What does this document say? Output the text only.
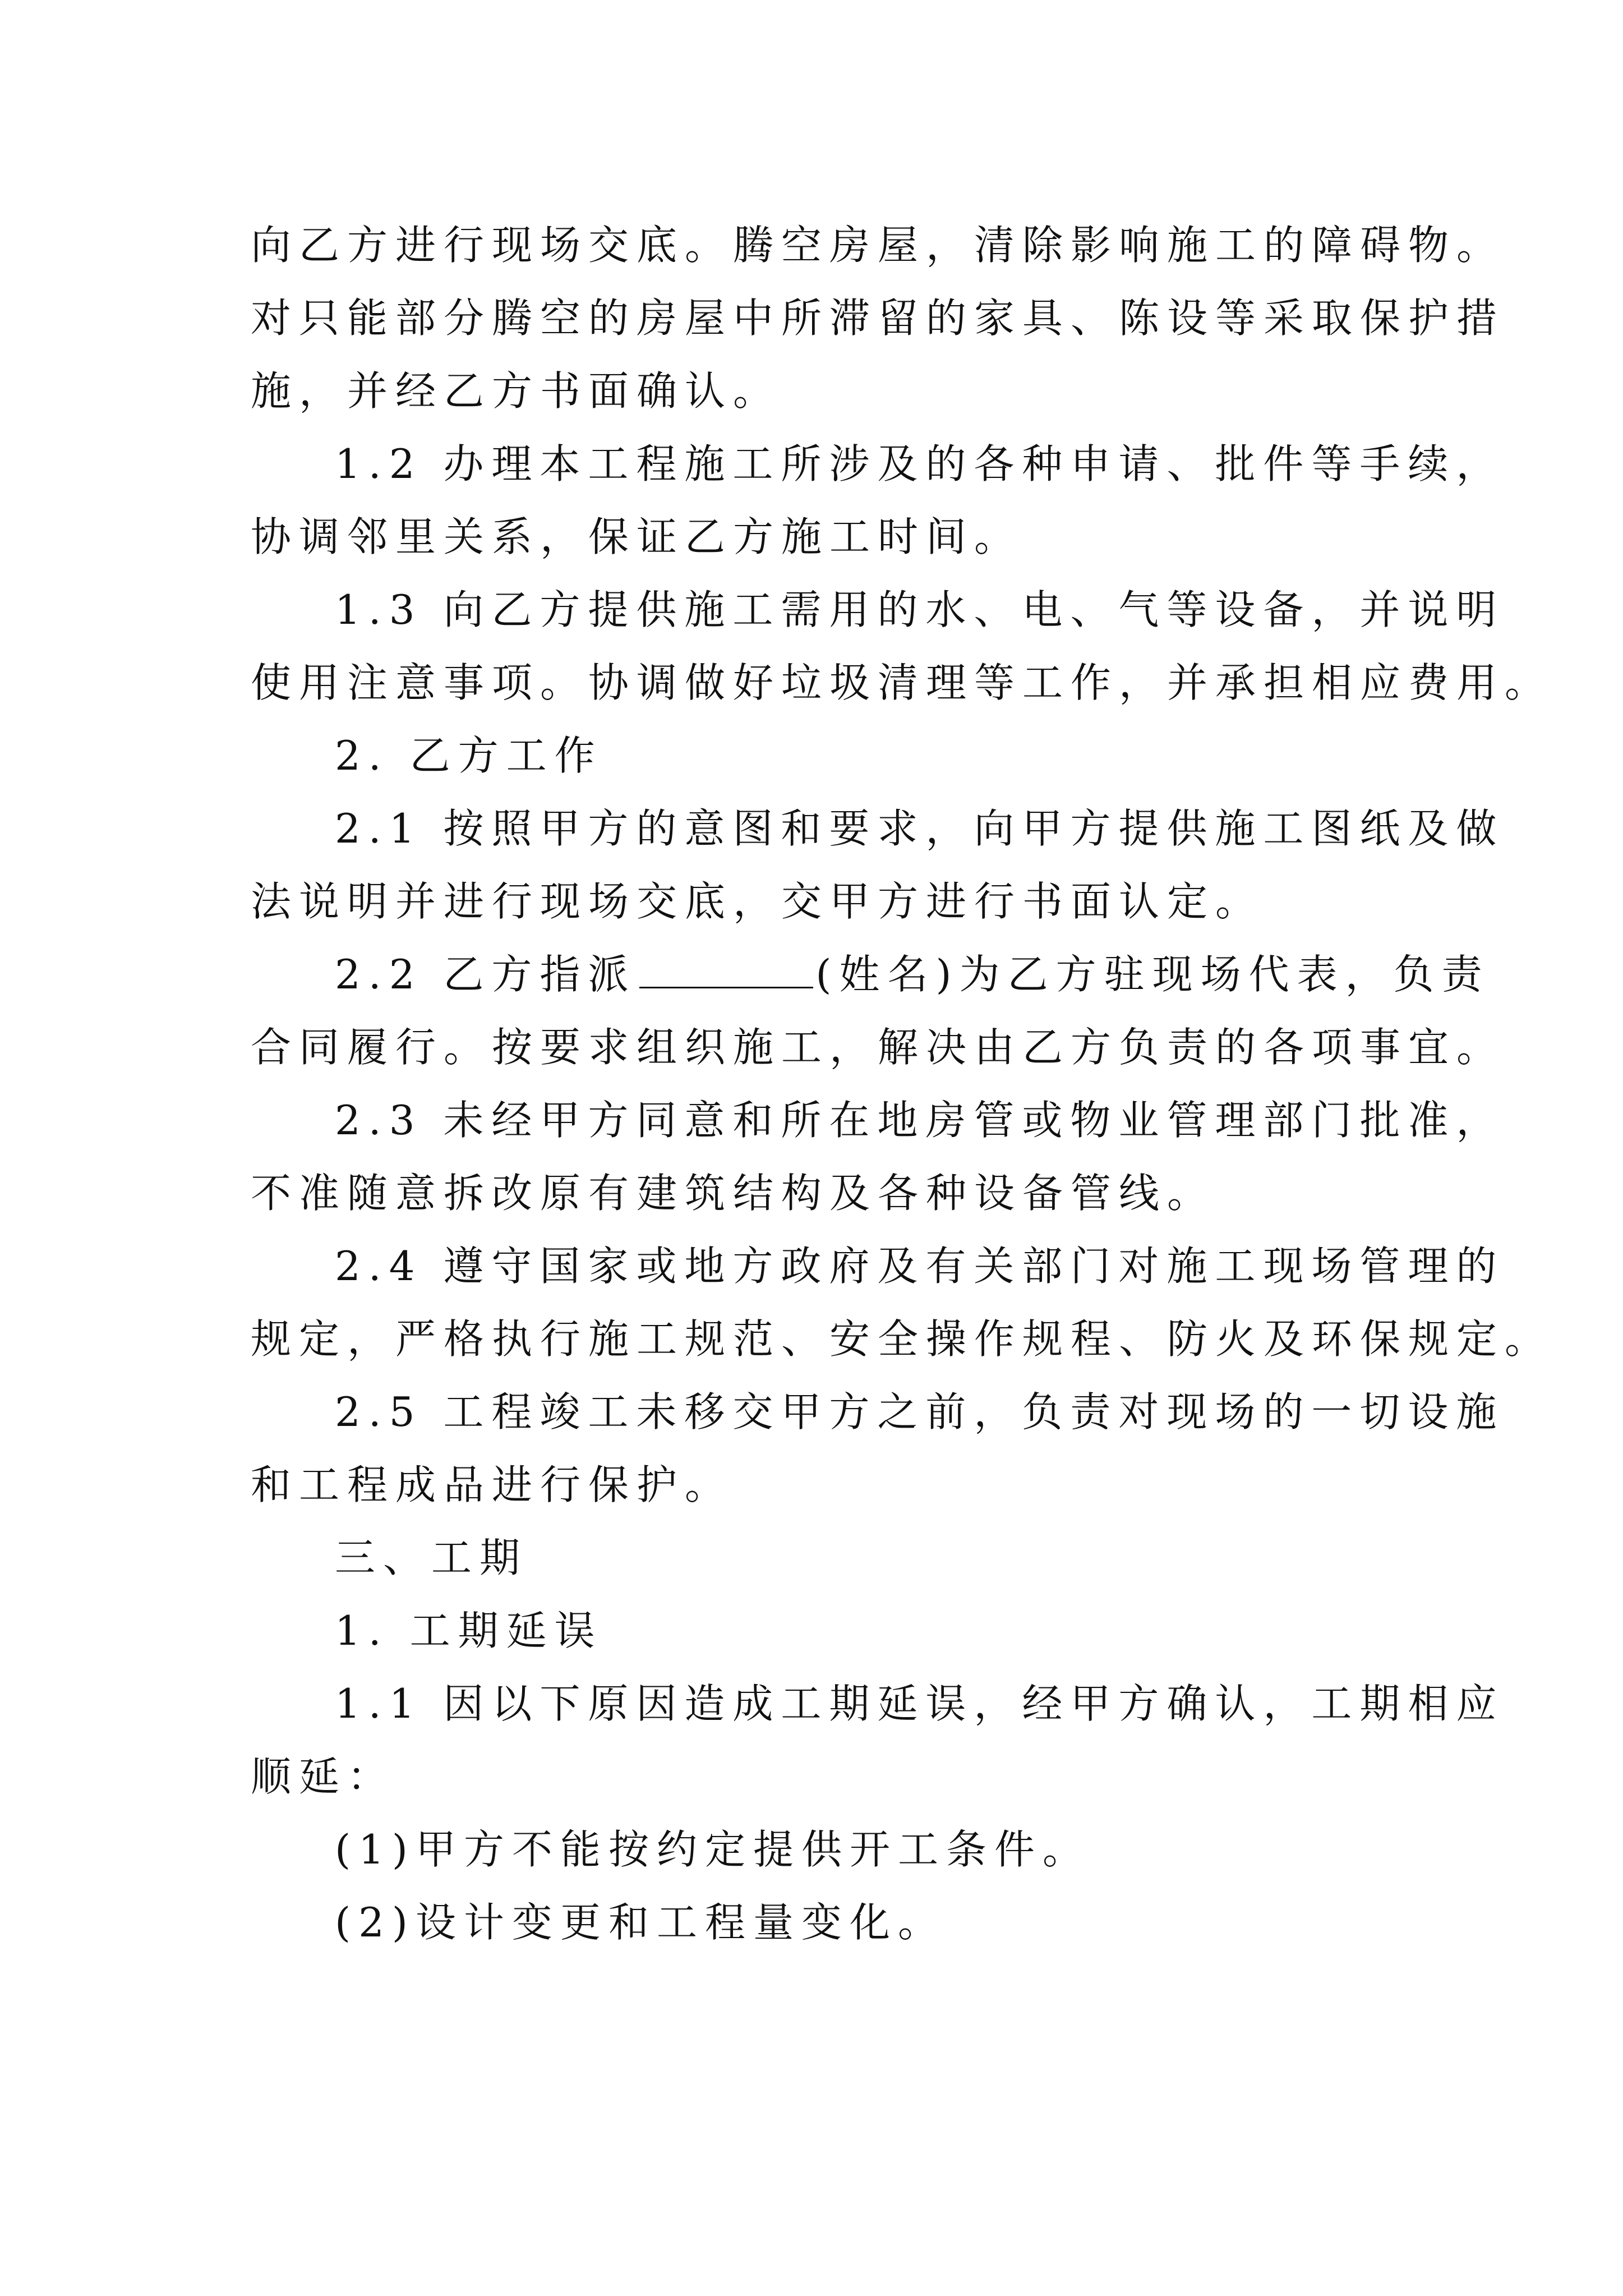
向乙方进行现场交底。腾空房屋，清除影响施工的障碍物。
对只能部分腾空的房屋中所滞留的家具、陈设等采取保护措
施，并经乙方书面确认。
1.2 办理本工程施工所涉及的各种申请、批件等手续，
协调邻里关系，保证乙方施工时间。
1.3 向乙方提供施工需用的水、电、气等设备，并说明
使用注意事项。协调做好垃圾清理等工作，并承担相应费用。
2. 乙方工作
2.1 按照甲方的意图和要求，向甲方提供施工图纸及做
法说明并进行现场交底，交甲方进行书面认定。
2.2 乙方指派	(姓名)为乙方驻现场代表，负责
合同履行。按要求组织施工，解决由乙方负责的各项事宜。
2.3 未经甲方同意和所在地房管或物业管理部门批准，
不准随意拆改原有建筑结构及各种设备管线。
2.4 遵守国家或地方政府及有关部门对施工现场管理的
规定，严格执行施工规范、安全操作规程、防火及环保规定。
2.5 工程竣工未移交甲方之前，负责对现场的一切设施
和工程成品进行保护。
三、工期
1. 工期延误
1.1 因以下原因造成工期延误，经甲方确认，工期相应
顺延：
(1)甲方不能按约定提供开工条件。
(2)设计变更和工程量变化。
